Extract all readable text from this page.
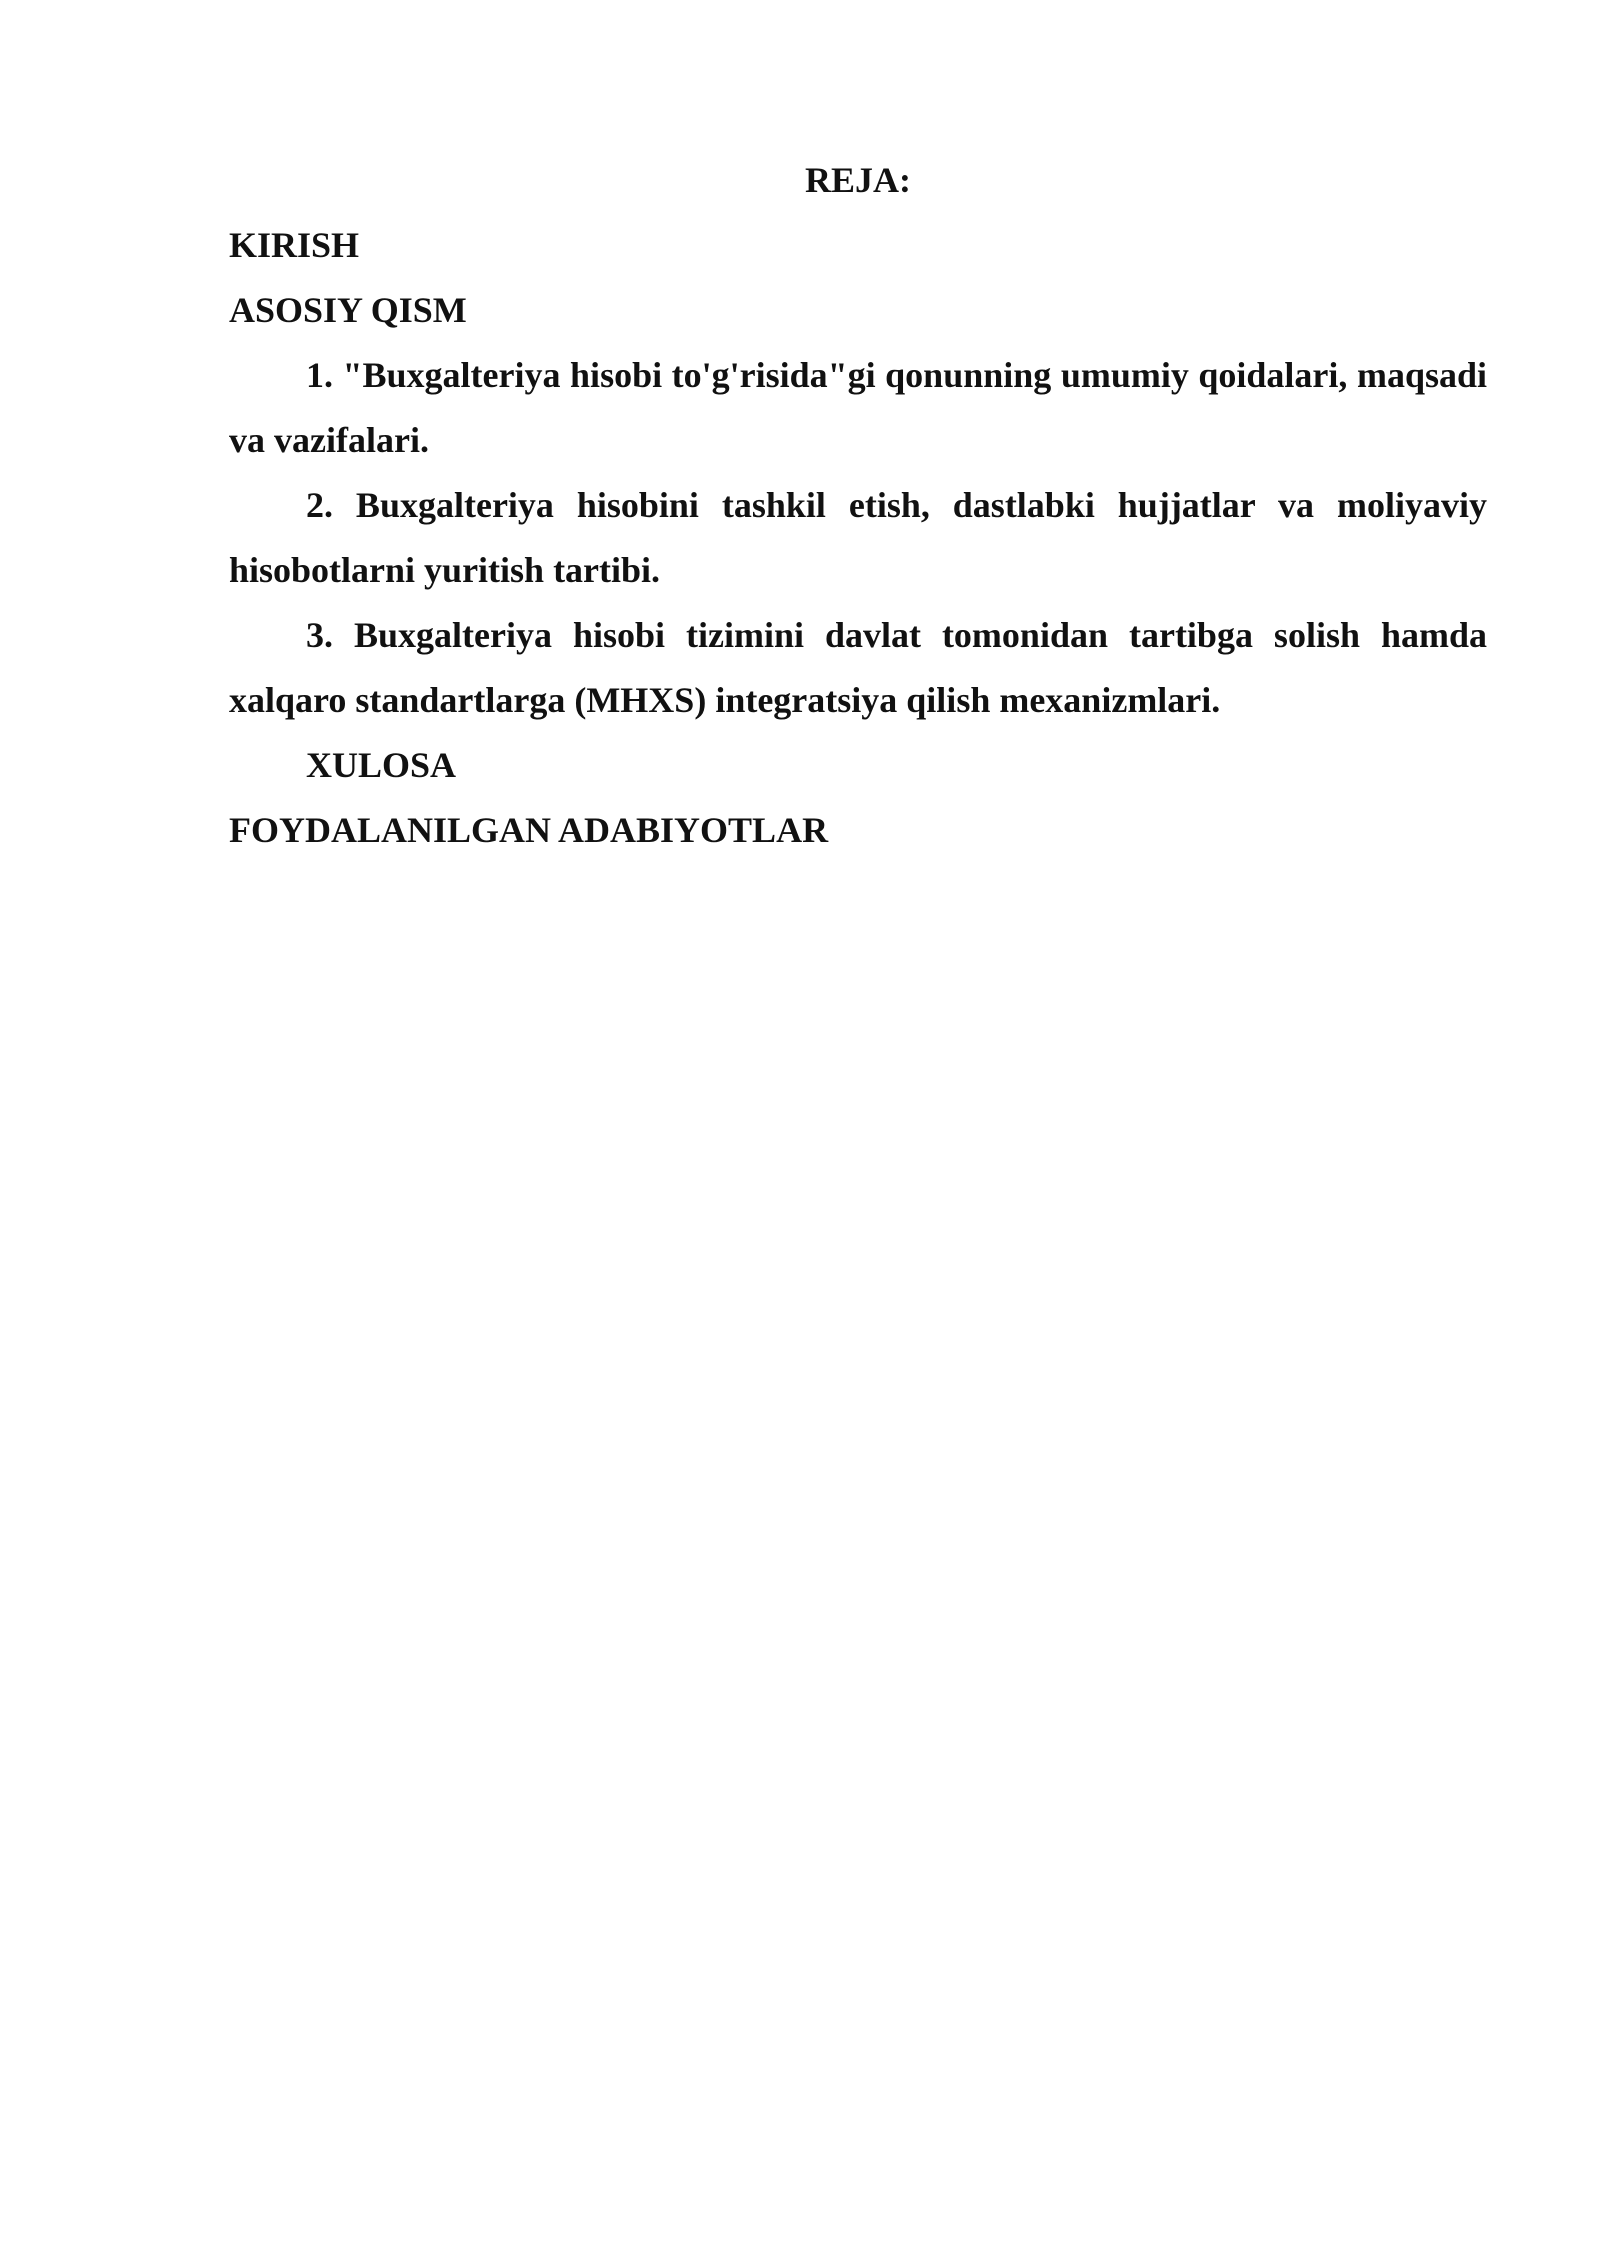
REJA:

KIRISH

ASOSIY QISM

1. "Buxgalteriya hisobi to'g'risida"gi qonunning umumiy qoidalari, maqsadi va vazifalari.

2. Buxgalteriya hisobini tashkil etish, dastlabki hujjatlar va moliyaviy hisobotlarni yuritish tartibi.

3. Buxgalteriya hisobi tizimini davlat tomonidan tartibga solish hamda xalqaro standartlarga (MHXS) integratsiya qilish mexanizmlari.

XULOSA

FOYDALANILGAN ADABIYOTLAR
